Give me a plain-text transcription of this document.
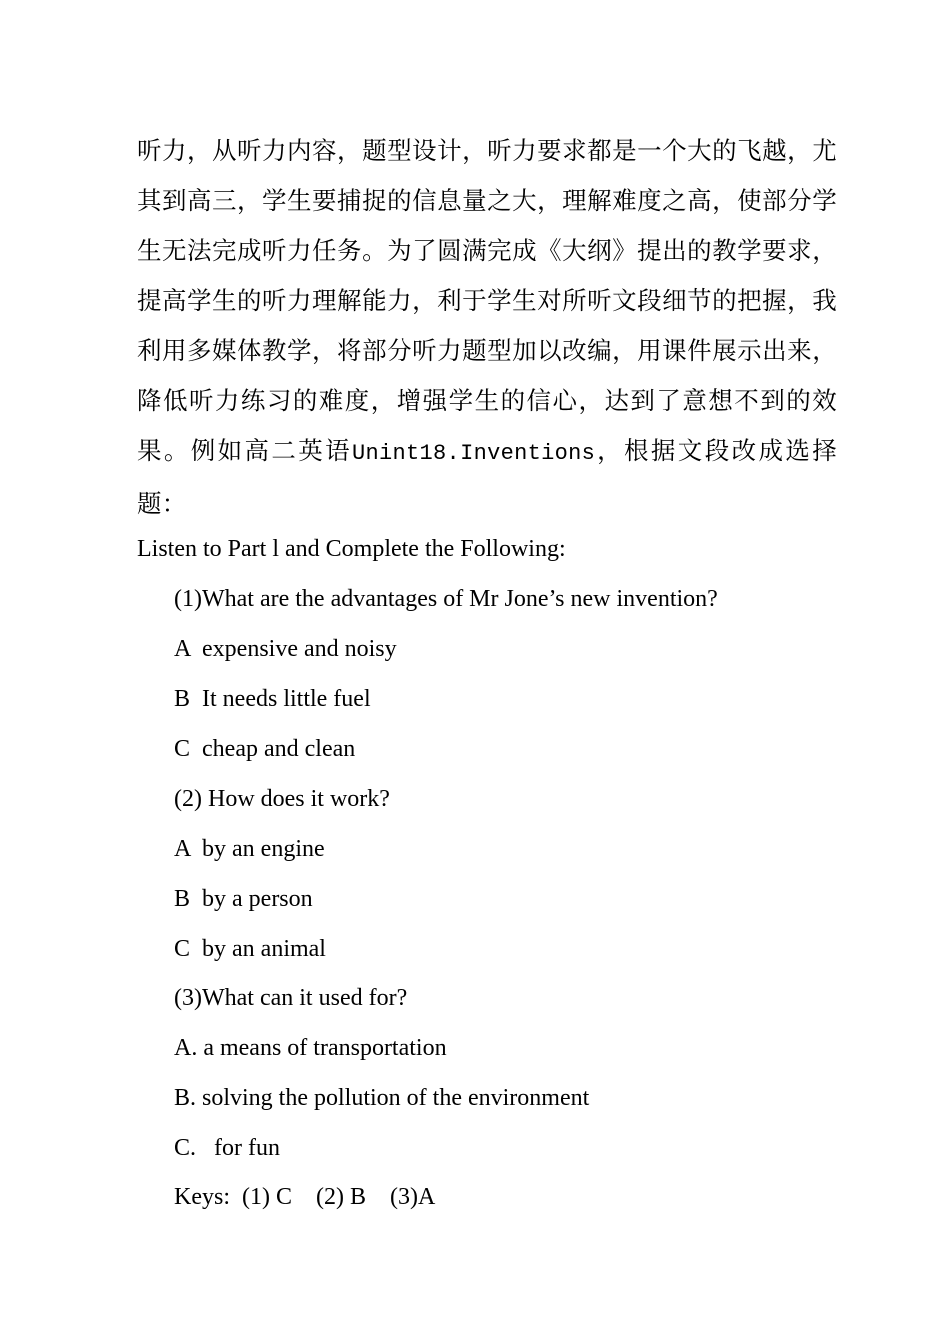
听力，从听力内容，题型设计，听力要求都是一个大的飞越，尤其到高三，学生要捕捉的信息量之大，理解难度之高，使部分学生无法完成听力任务。为了圆满完成《大纲》提出的教学要求，提高学生的听力理解能力，利于学生对所听文段细节的把握，我利用多媒体教学，将部分听力题型加以改编，用课件展示出来，降低听力练习的难度，增强学生的信心，达到了意想不到的效果。例如高二英语Unint18.Inventions，根据文段改成选择题：
Listen to Part l and Complete the Following:
(1)What are the advantages of Mr Jone’s new invention?
A  expensive and noisy
B  It needs little fuel
C  cheap and clean
(2) How does it work?
A  by an engine
B  by a person
C  by an animal
(3)What can it used for?
A. a means of transportation
B. solving the pollution of the environment
C.   for fun
Keys:  (1) C    (2) B    (3)A
